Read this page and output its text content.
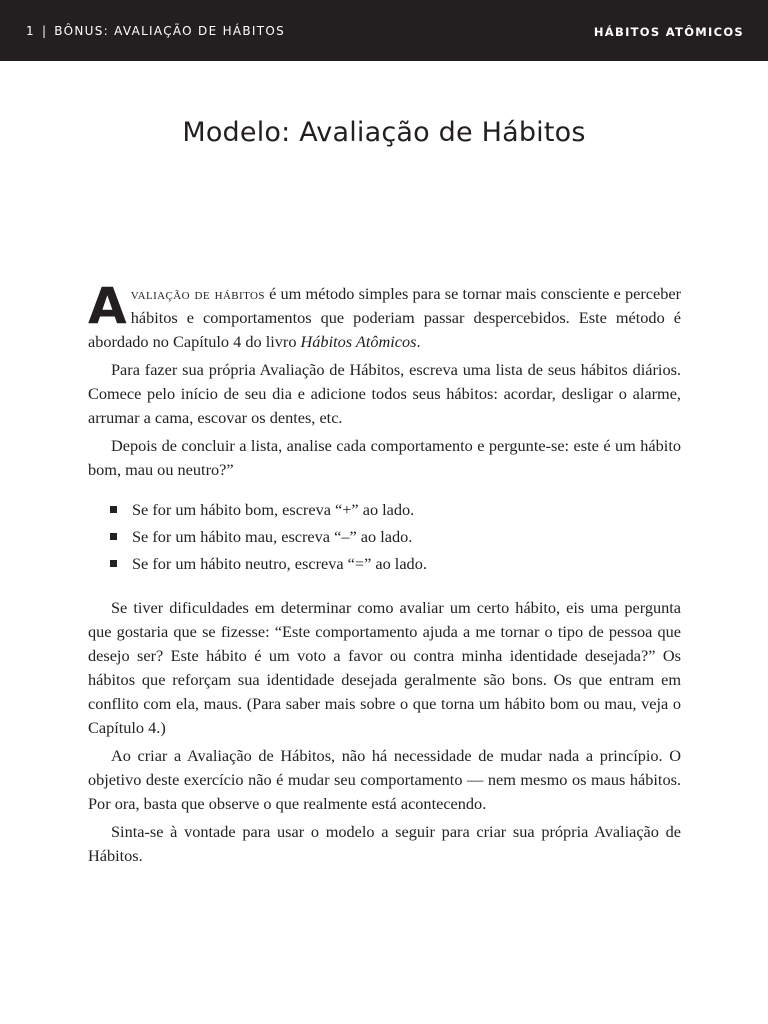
1 | BÔNUS: AVALIAÇÃO DE HÁBITOS	HÁBITOS ATÔMICOS
Modelo: Avaliação de Hábitos

Avaliação de hábitos é um método simples para se tornar mais consciente e perceber hábitos e comportamentos que poderiam passar despercebidos. Este método é abordado no Capítulo 4 do livro Hábitos Atômicos.

Para fazer sua própria Avaliação de Hábitos, escreva uma lista de seus hábitos diários. Comece pelo início de seu dia e adicione todos seus hábitos: acordar, desligar o alarme, arrumar a cama, escovar os dentes, etc.

Depois de concluir a lista, analise cada comportamento e pergunte-se: este é um hábito bom, mau ou neutro?”

Se for um hábito bom, escreva “+” ao lado.
Se for um hábito mau, escreva “–” ao lado.
Se for um hábito neutro, escreva “=” ao lado.

Se tiver dificuldades em determinar como avaliar um certo hábito, eis uma pergunta que gostaria que se fizesse: “Este comportamento ajuda a me tornar o tipo de pessoa que desejo ser? Este hábito é um voto a favor ou contra minha identidade desejada?” Os hábitos que reforçam sua identidade desejada geralmente são bons. Os que entram em conflito com ela, maus. (Para saber mais sobre o que torna um hábito bom ou mau, veja o Capítulo 4.)

Ao criar a Avaliação de Hábitos, não há necessidade de mudar nada a princípio. O objetivo deste exercício não é mudar seu comportamento — nem mesmo os maus hábitos. Por ora, basta que observe o que realmente está acontecendo.

Sinta-se à vontade para usar o modelo a seguir para criar sua própria Avaliação de Hábitos.
